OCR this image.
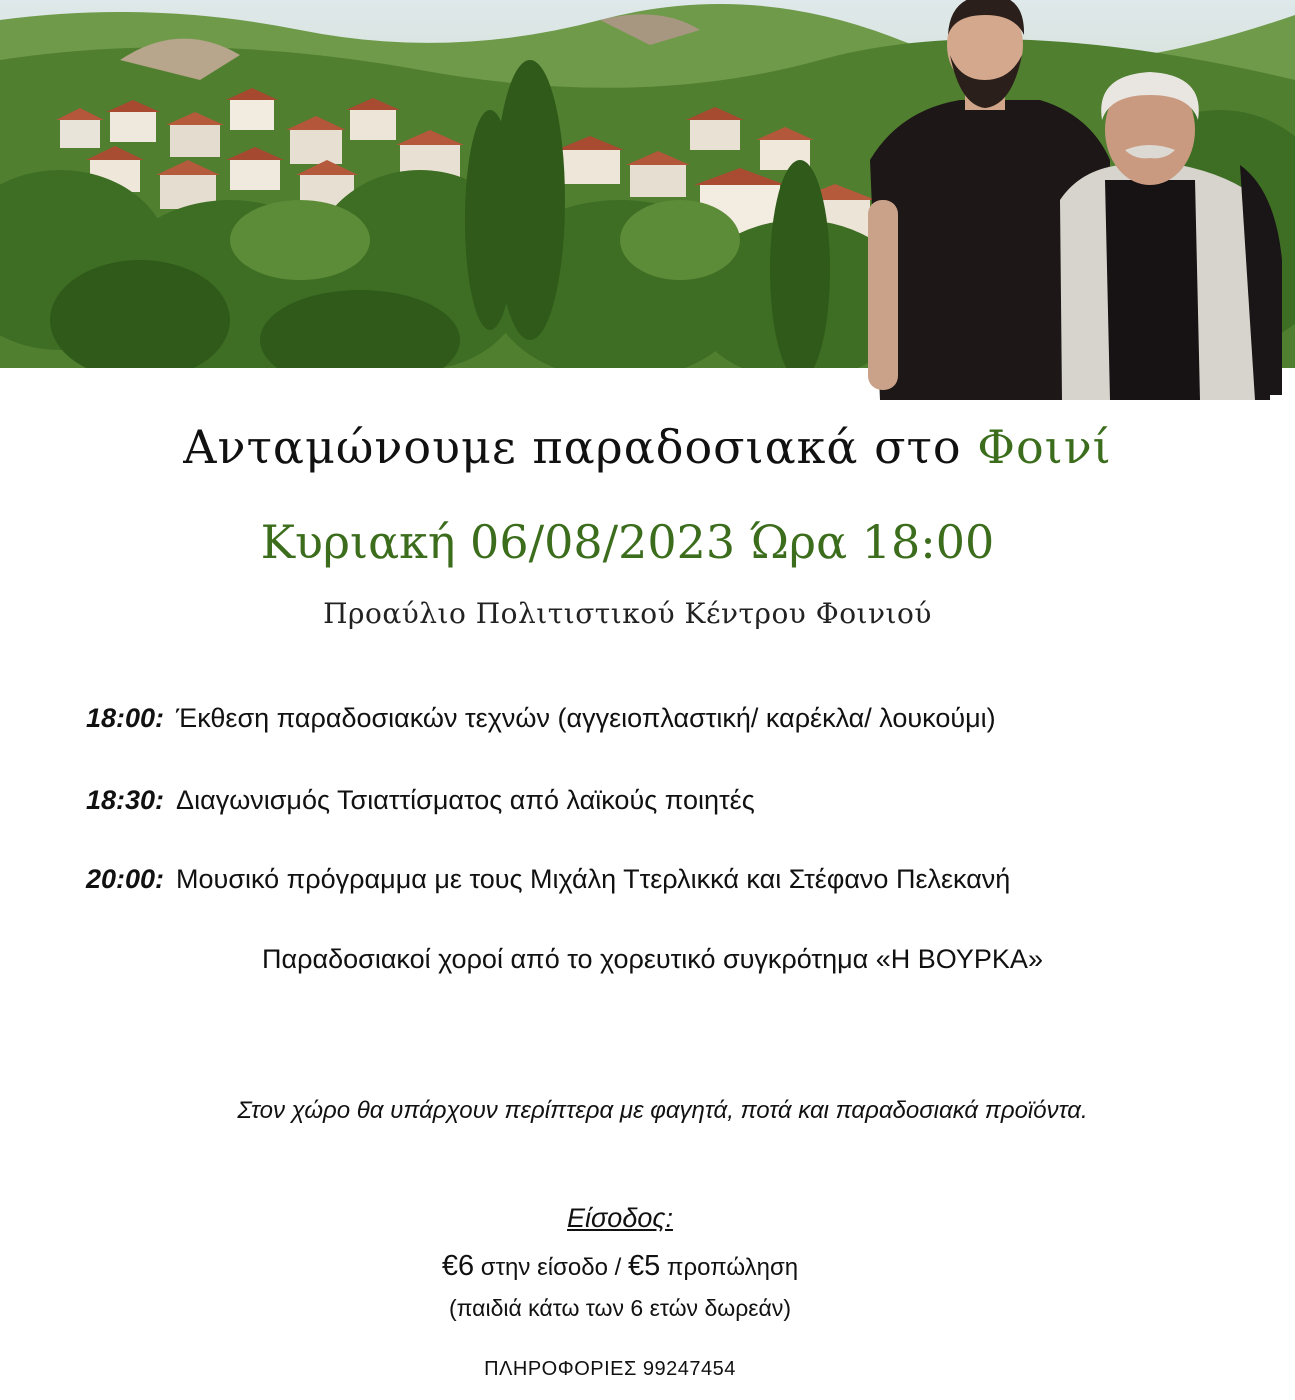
Ανταμώνουμε παραδοσιακά στο Φοινί
Κυριακή 06/08/2023 Ώρα 18:00
Προαύλιο Πολιτιστικού Κέντρου Φοινιού
18:00: Έκθεση παραδοσιακών τεχνών (αγγειοπλαστική/ καρέκλα/ λουκούμι)
18:30: Διαγωνισμός Τσιαττίσματος από λαϊκούς ποιητές
20:00: Μουσικό πρόγραμμα με τους Μιχάλη Ττερλικκά και Στέφανο Πελεκανή
Παραδοσιακοί χοροί από το χορευτικό συγκρότημα «Η ΒΟΥΡΚΑ»
Στον χώρο θα υπάρχουν περίπτερα με φαγητά, ποτά και παραδοσιακά προϊόντα.
Είσοδος:
€6 στην είσοδο / €5 προπώληση
(παιδιά κάτω των 6 ετών δωρεάν)
ΠΛΗΡΟΦΟΡΙΕΣ 99247454
